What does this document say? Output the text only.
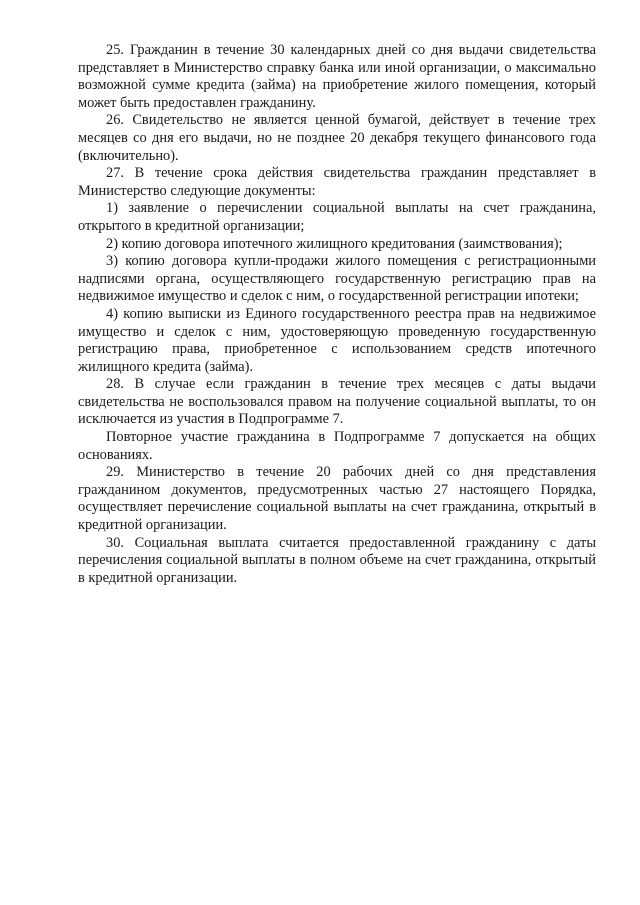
25. Гражданин в течение 30 календарных дней со дня выдачи свидетельства представляет в Министерство справку банка или иной организации, о максимально возможной сумме кредита (займа) на приобретение жилого помещения, который может быть предоставлен гражданину.

26. Свидетельство не является ценной бумагой, действует в течение трех месяцев со дня его выдачи, но не позднее 20 декабря текущего финансового года (включительно).

27. В течение срока действия свидетельства гражданин представляет в Министерство следующие документы:

1) заявление о перечислении социальной выплаты на счет гражданина, открытого в кредитной организации;

2) копию договора ипотечного жилищного кредитования (заимствования);

3) копию договора купли-продажи жилого помещения с регистрационными надписями органа, осуществляющего государственную регистрацию прав на недвижимое имущество и сделок с ним, о государственной регистрации ипотеки;

4) копию выписки из Единого государственного реестра прав на недвижимое имущество и сделок с ним, удостоверяющую проведенную государственную регистрацию права, приобретенное с использованием средств ипотечного жилищного кредита (займа).

28. В случае если гражданин в течение трех месяцев с даты выдачи свидетельства не воспользовался правом на получение социальной выплаты, то он исключается из участия в Подпрограмме 7.

Повторное участие гражданина в Подпрограмме 7 допускается на общих основаниях.

29. Министерство в течение 20 рабочих дней со дня представления гражданином документов, предусмотренных частью 27 настоящего Порядка, осуществляет перечисление социальной выплаты на счет гражданина, открытый в кредитной организации.

30. Социальная выплата считается предоставленной гражданину с даты перечисления социальной выплаты в полном объеме на счет гражданина, открытый в кредитной организации.
